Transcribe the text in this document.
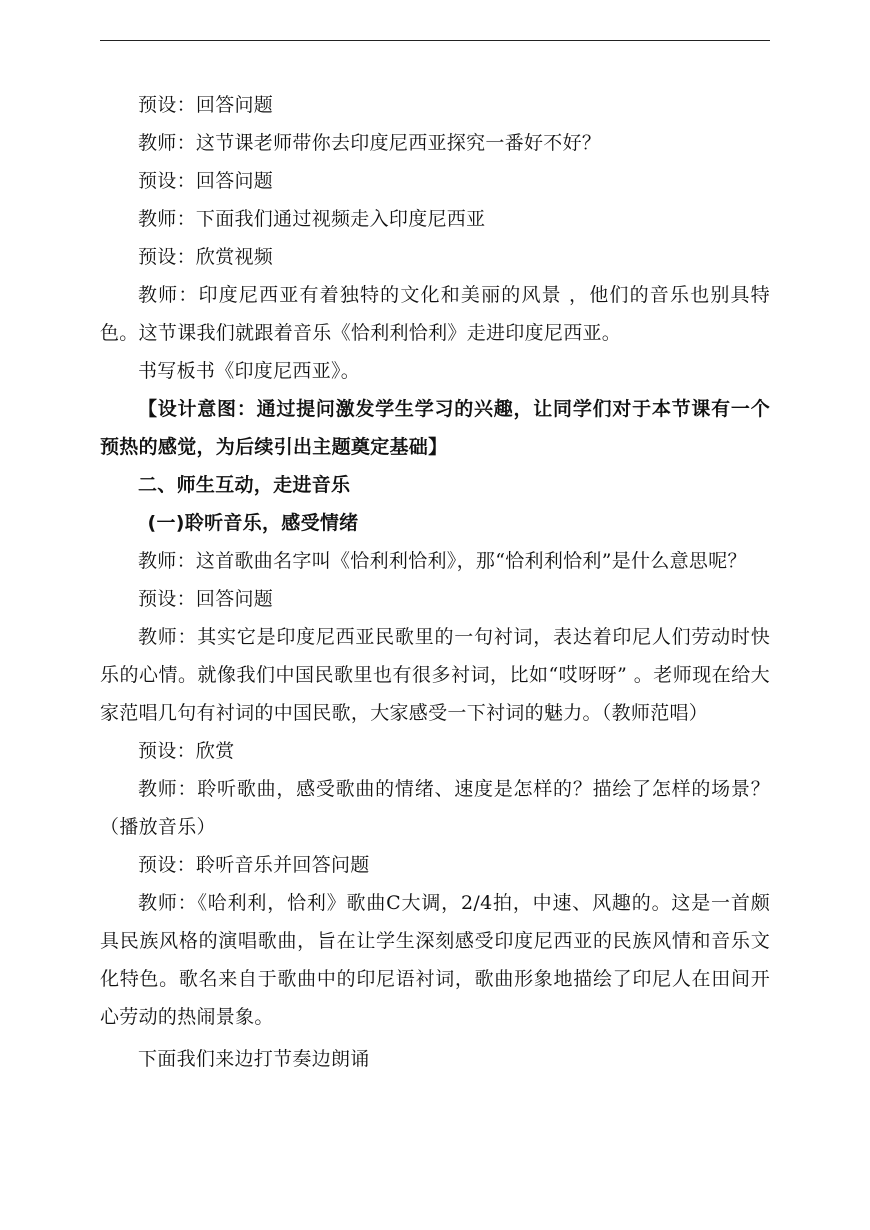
预设：回答问题

教师：这节课老师带你去印度尼西亚探究一番好不好？

预设：回答问题

教师：下面我们通过视频走入印度尼西亚

预设：欣赏视频

教师：印度尼西亚有着独特的文化和美丽的风景 ，他们的音乐也别具特色。这节课我们就跟着音乐《恰利利恰利》走进印度尼西亚。

书写板书《印度尼西亚》。

【设计意图：通过提问激发学生学习的兴趣，让同学们对于本节课有一个预热的感觉，为后续引出主题奠定基础】

二、师生互动，走进音乐

(一)聆听音乐，感受情绪

教师：这首歌曲名字叫《恰利利恰利》，那“恰利利恰利”是什么意思呢？

预设：回答问题

教师：其实它是印度尼西亚民歌里的一句衬词，表达着印尼人们劳动时快乐的心情。就像我们中国民歌里也有很多衬词，比如“哎呀呀” 。老师现在给大家范唱几句有衬词的中国民歌，大家感受一下衬词的魅力。（教师范唱）

预设：欣赏

教师：聆听歌曲，感受歌曲的情绪、速度是怎样的？描绘了怎样的场景？（播放音乐）

预设：聆听音乐并回答问题

教师：《哈利利，恰利》歌曲C大调，2/4拍，中速、风趣的。这是一首颇具民族风格的演唱歌曲，旨在让学生深刻感受印度尼西亚的民族风情和音乐文化特色。歌名来自于歌曲中的印尼语衬词，歌曲形象地描绘了印尼人在田间开心劳动的热闹景象。

下面我们来边打节奏边朗诵
